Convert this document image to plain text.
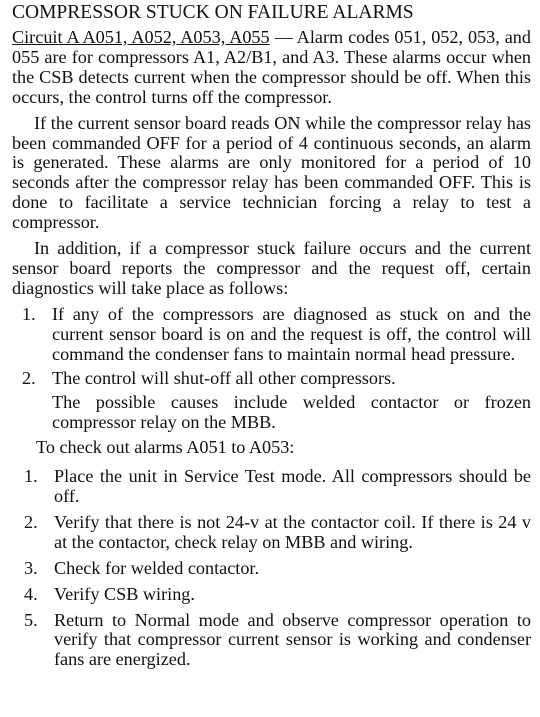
COMPRESSOR STUCK ON FAILURE ALARMS

Circuit A A051, A052, A053, A055 — Alarm codes 051, 052, 053, and 055 are for compressors A1, A2/B1, and A3. These alarms occur when the CSB detects current when the compressor should be off. When this occurs, the control turns off the compressor.

If the current sensor board reads ON while the compressor relay has been commanded OFF for a period of 4 continuous seconds, an alarm is generated. These alarms are only monitored for a period of 10 seconds after the compressor relay has been commanded OFF. This is done to facilitate a service technician forcing a relay to test a compressor.

In addition, if a compressor stuck failure occurs and the current sensor board reports the compressor and the request off, certain diagnostics will take place as follows:

1. If any of the compressors are diagnosed as stuck on and the current sensor board is on and the request is off, the control will command the condenser fans to maintain normal head pressure.
2. The control will shut-off all other compressors.
The possible causes include welded contactor or frozen compressor relay on the MBB.
To check out alarms A051 to A053:
1. Place the unit in Service Test mode. All compressors should be off.
2. Verify that there is not 24-v at the contactor coil. If there is 24 v at the contactor, check relay on MBB and wiring.
3. Check for welded contactor.
4. Verify CSB wiring.
5. Return to Normal mode and observe compressor operation to verify that compressor current sensor is working and condenser fans are energized.
